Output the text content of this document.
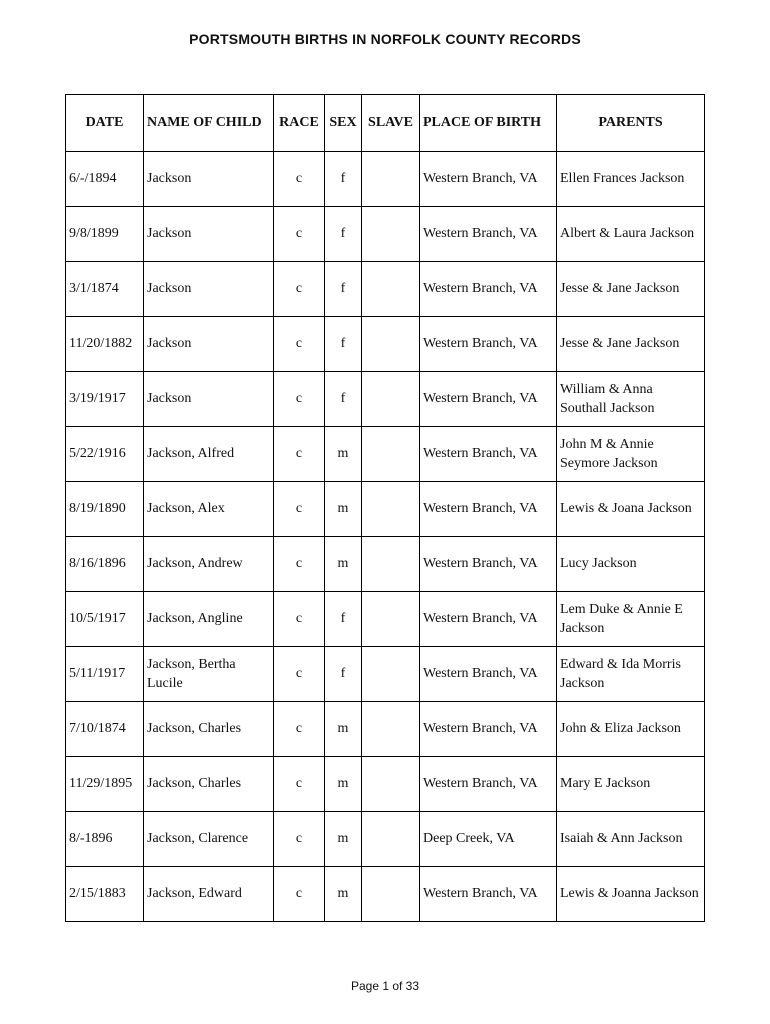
PORTSMOUTH BIRTHS IN NORFOLK COUNTY RECORDS
DATE	NAME OF CHILD	RACE	SEX	SLAVE	PLACE OF BIRTH	PARENTS
6/-/1894	Jackson	c	f		Western Branch, VA	Ellen Frances Jackson
9/8/1899	Jackson	c	f		Western Branch, VA	Albert & Laura Jackson
3/1/1874	Jackson	c	f		Western Branch, VA	Jesse & Jane Jackson
11/20/1882	Jackson	c	f		Western Branch, VA	Jesse & Jane Jackson
3/19/1917	Jackson	c	f		Western Branch, VA	William & Anna Southall Jackson
5/22/1916	Jackson, Alfred	c	m		Western Branch, VA	John M & Annie Seymore Jackson
8/19/1890	Jackson, Alex	c	m		Western Branch, VA	Lewis & Joana Jackson
8/16/1896	Jackson, Andrew	c	m		Western Branch, VA	Lucy Jackson
10/5/1917	Jackson, Angline	c	f		Western Branch, VA	Lem Duke & Annie E Jackson
5/11/1917	Jackson, Bertha Lucile	c	f		Western Branch, VA	Edward & Ida Morris Jackson
7/10/1874	Jackson, Charles	c	m		Western Branch, VA	John & Eliza Jackson
11/29/1895	Jackson, Charles	c	m		Western Branch, VA	Mary E Jackson
8/-1896	Jackson, Clarence	c	m		Deep Creek, VA	Isaiah & Ann Jackson
2/15/1883	Jackson, Edward	c	m		Western Branch, VA	Lewis & Joanna Jackson
Page 1 of 33
